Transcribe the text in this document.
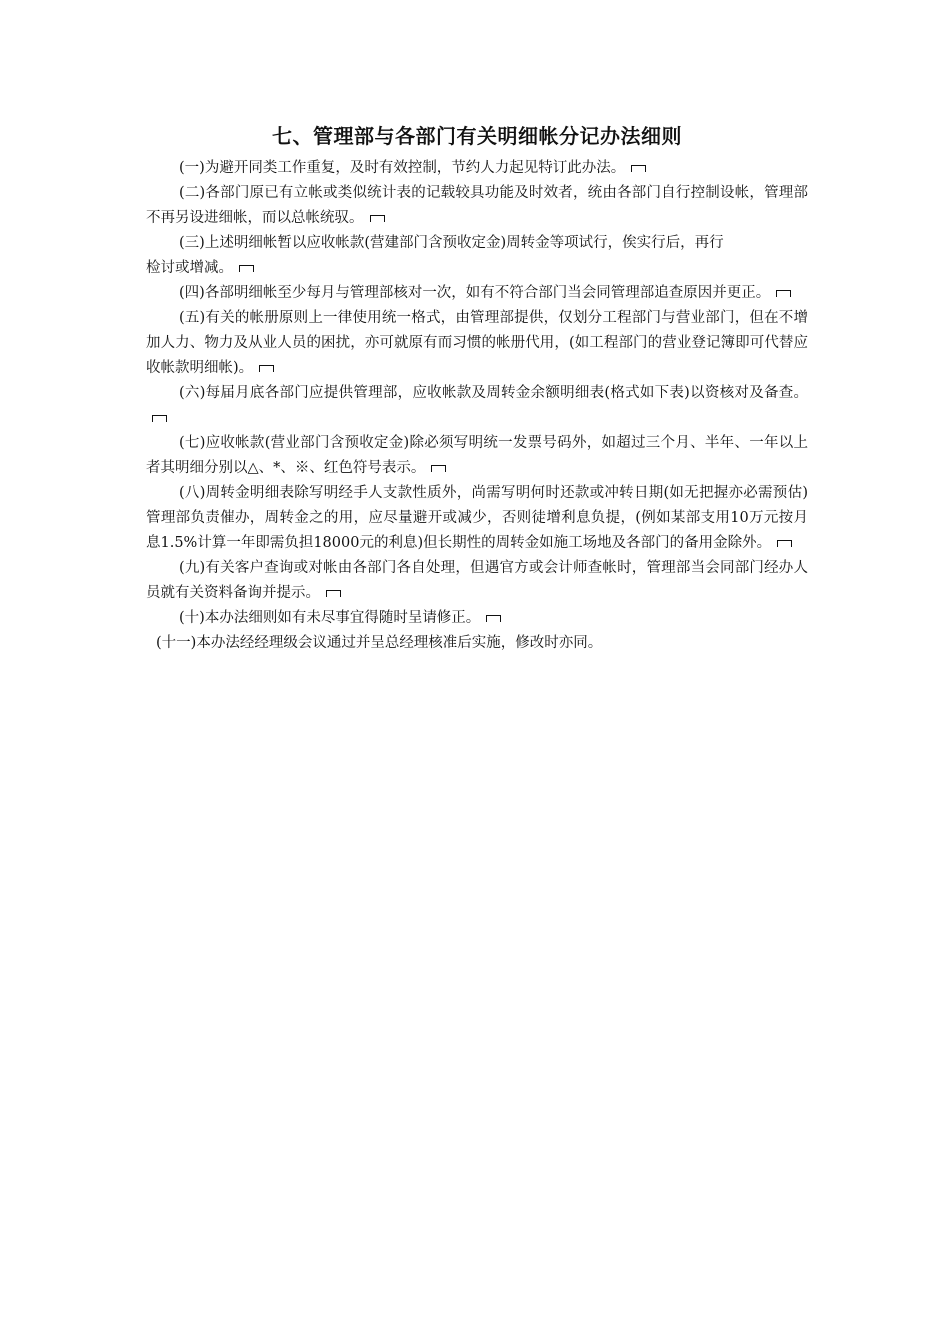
七、管理部与各部门有关明细帐分记办法细则

(一)为避开同类工作重复，及时有效控制，节约人力起见特订此办法。

(二)各部门原已有立帐或类似统计表的记载较具功能及时效者，统由各部门自行控制设帐，管理部不再另设进细帐，而以总帐统驭。

(三)上述明细帐暂以应收帐款(营建部门含预收定金)周转金等项试行，俟实行后，再行

检讨或增减。

(四)各部明细帐至少每月与管理部核对一次，如有不符合部门当会同管理部追查原因并更正。

(五)有关的帐册原则上一律使用统一格式，由管理部提供，仅划分工程部门与营业部门，但在不增加人力、物力及从业人员的困扰，亦可就原有而习惯的帐册代用，(如工程部门的营业登记簿即可代替应收帐款明细帐)。

(六)每届月底各部门应提供管理部，应收帐款及周转金余额明细表(格式如下表)以资核对及备查。

(七)应收帐款(营业部门含预收定金)除必须写明统一发票号码外，如超过三个月、半年、一年以上者其明细分别以△、*、※、红色符号表示。

(八)周转金明细表除写明经手人支款性质外，尚需写明何时还款或冲转日期(如无把握亦必需预估)管理部负责催办，周转金之的用，应尽量避开或减少，否则徒增利息负提，(例如某部支用10万元按月息1.5%计算一年即需负担18000元的利息)但长期性的周转金如施工场地及各部门的备用金除外。

(九)有关客户查询或对帐由各部门各自处理，但遇官方或会计师查帐时，管理部当会同部门经办人员就有关资料备询并提示。

(十)本办法细则如有未尽事宜得随时呈请修正。

(十一)本办法经经理级会议通过并呈总经理核准后实施，修改时亦同。
